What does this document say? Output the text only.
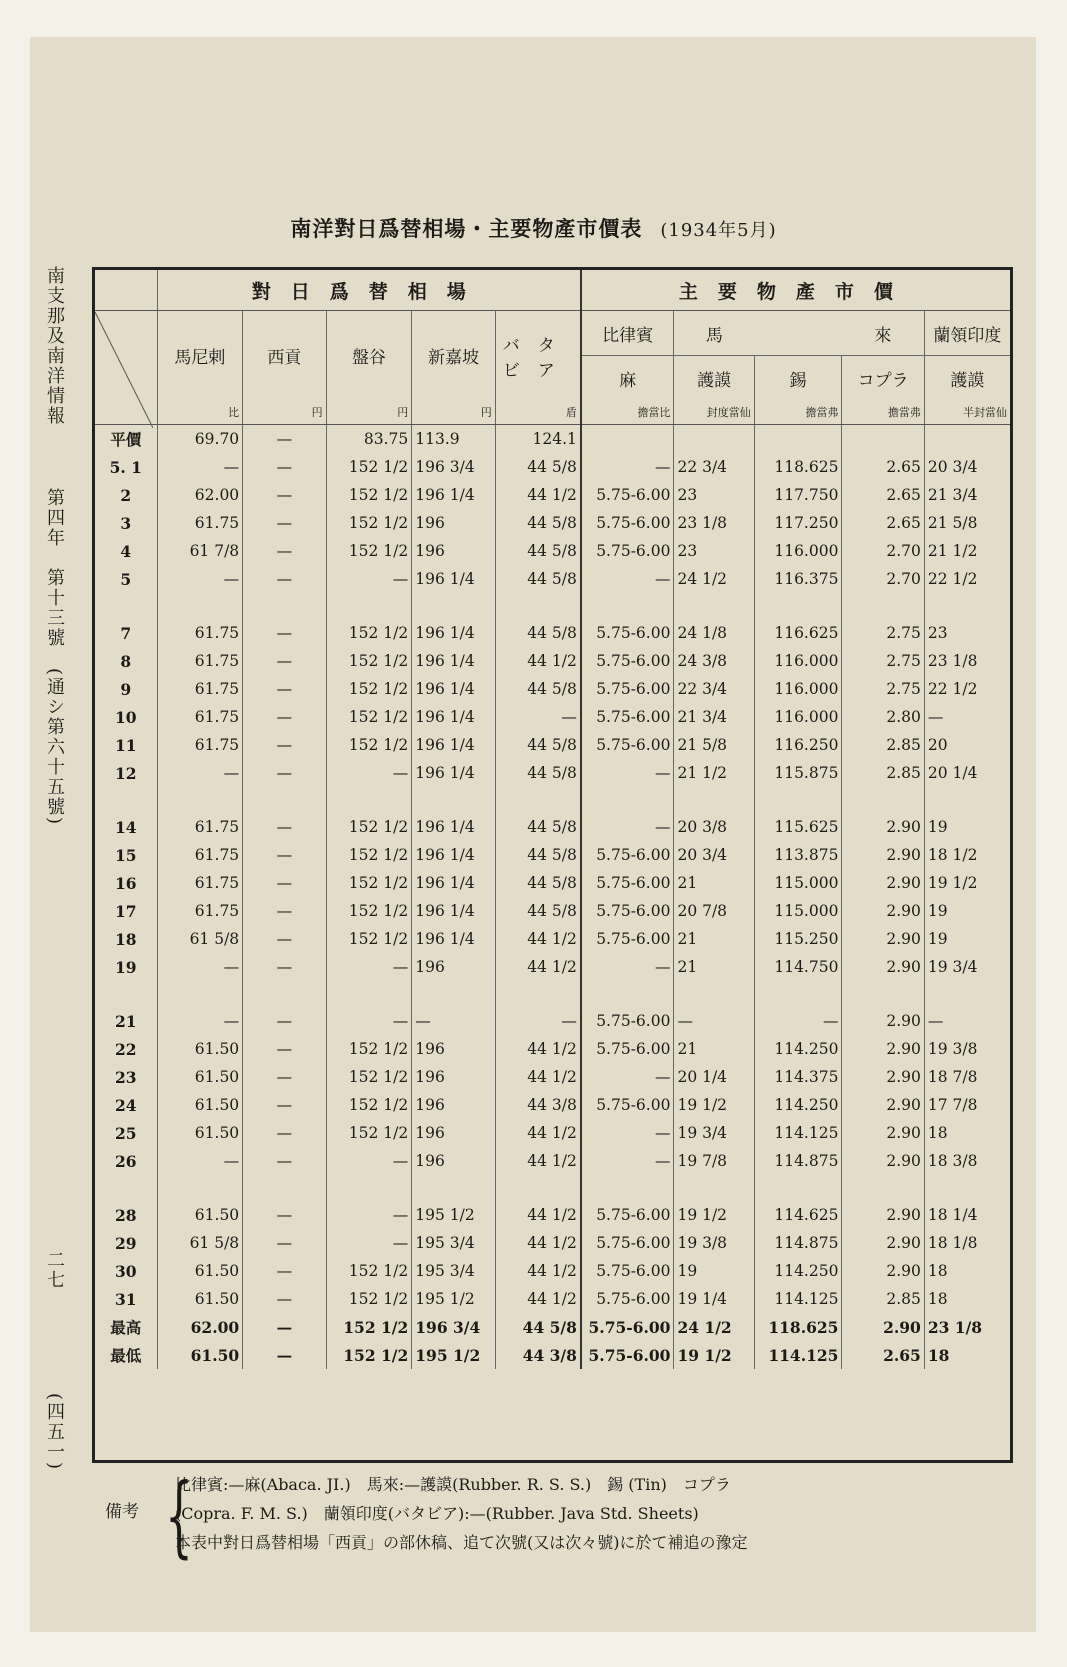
南洋對日爲替相場・主要物產市價表 (1934年5月)
南支那及南洋情報
第四年　第十三號　(通シ第六十五號)
二七
(四五一)
	對日爲替相場					主要物產市價				
	馬尼剌	西貢	盤谷	新嘉坡	バタビア	比律賓	馬		來	蘭領印度
						麻	護謨	錫	コプラ	護謨
	比	円	円	円	盾	擔當比	封度當仙	擔當弗	擔當弗	半封當仙
平價	69.70	—	83.75	113.9	124.1					
5. 1	—	—	152 1/2	196 3/4	44 5/8	—	22 3/4	118.625	2.65	20 3/4
2	62.00	—	152 1/2	196 1/4	44 1/2	5.75-6.00	23	117.750	2.65	21 3/4
3	61.75	—	152 1/2	196	44 5/8	5.75-6.00	23 1/8	117.250	2.65	21 5/8
4	61 7/8	—	152 1/2	196	44 5/8	5.75-6.00	23	116.000	2.70	21 1/2
5	—	—	—	196 1/4	44 5/8	—	24 1/2	116.375	2.70	22 1/2

7	61.75	—	152 1/2	196 1/4	44 5/8	5.75-6.00	24 1/8	116.625	2.75	23
8	61.75	—	152 1/2	196 1/4	44 1/2	5.75-6.00	24 3/8	116.000	2.75	23 1/8
9	61.75	—	152 1/2	196 1/4	44 5/8	5.75-6.00	22 3/4	116.000	2.75	22 1/2
10	61.75	—	152 1/2	196 1/4	—	5.75-6.00	21 3/4	116.000	2.80	—
11	61.75	—	152 1/2	196 1/4	44 5/8	5.75-6.00	21 5/8	116.250	2.85	20
12	—	—	—	196 1/4	44 5/8	—	21 1/2	115.875	2.85	20 1/4

14	61.75	—	152 1/2	196 1/4	44 5/8	—	20 3/8	115.625	2.90	19
15	61.75	—	152 1/2	196 1/4	44 5/8	5.75-6.00	20 3/4	113.875	2.90	18 1/2
16	61.75	—	152 1/2	196 1/4	44 5/8	5.75-6.00	21	115.000	2.90	19 1/2
17	61.75	—	152 1/2	196 1/4	44 5/8	5.75-6.00	20 7/8	115.000	2.90	19
18	61 5/8	—	152 1/2	196 1/4	44 1/2	5.75-6.00	21	115.250	2.90	19
19	—	—	—	196	44 1/2	—	21	114.750	2.90	19 3/4

21	—	—	—	—	—	5.75-6.00	—	—	2.90	—
22	61.50	—	152 1/2	196	44 1/2	5.75-6.00	21	114.250	2.90	19 3/8
23	61.50	—	152 1/2	196	44 1/2	—	20 1/4	114.375	2.90	18 7/8
24	61.50	—	152 1/2	196	44 3/8	5.75-6.00	19 1/2	114.250	2.90	17 7/8
25	61.50	—	152 1/2	196	44 1/2	—	19 3/4	114.125	2.90	18
26	—	—	—	196	44 1/2	—	19 7/8	114.875	2.90	18 3/8

28	61.50	—	—	195 1/2	44 1/2	5.75-6.00	19 1/2	114.625	2.90	18 1/4
29	61 5/8	—	—	195 3/4	44 1/2	5.75-6.00	19 3/8	114.875	2.90	18 1/8
30	61.50	—	152 1/2	195 3/4	44 1/2	5.75-6.00	19	114.250	2.90	18
31	61.50	—	152 1/2	195 1/2	44 1/2	5.75-6.00	19 1/4	114.125	2.85	18
最高	62.00	—	152 1/2	196 3/4	44 5/8	5.75-6.00	24 1/2	118.625	2.90	23 1/8
最低	61.50	—	152 1/2	195 1/2	44 3/8	5.75-6.00	19 1/2	114.125	2.65	18
備考 {
比律賓:—麻(Abaca. JI.)　馬來:—護謨(Rubber. R. S. S.)　錫 (Tin)　コプラ
(Copra. F. M. S.)　蘭領印度(バタビア):—(Rubber. Java Std. Sheets)
本表中對日爲替相場「西貢」の部休稿、追て次號(又は次々號)に於て補追の豫定
